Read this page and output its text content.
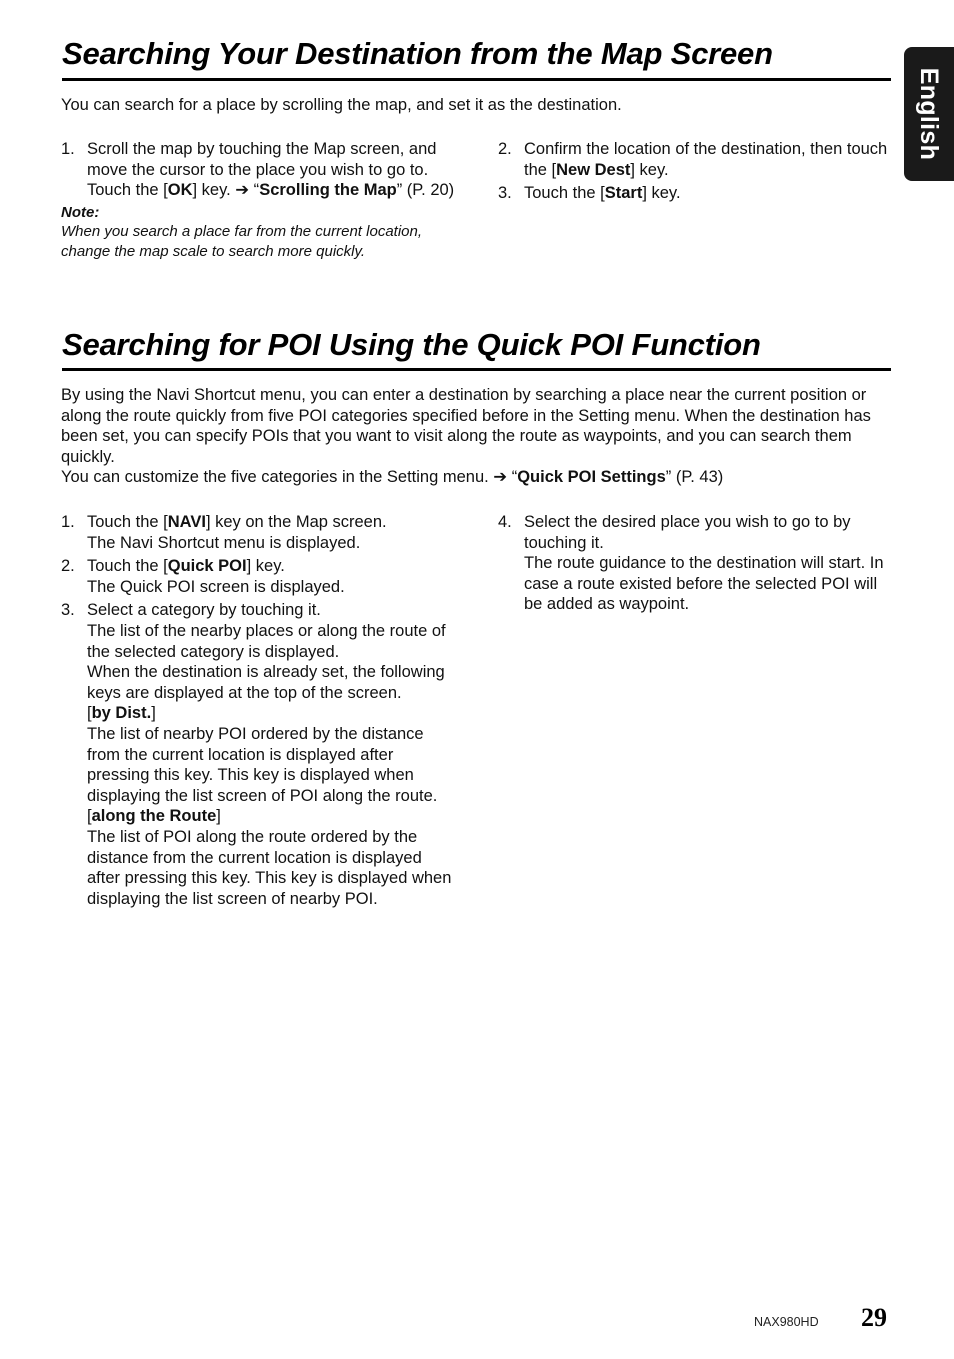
English
Searching Your Destination from the Map Screen

You can search for a place by scrolling the map, and set it as the destination.

1. Scroll the map by touching the Map screen, and move the cursor to the place you wish to go to. Touch the [OK] key. ➔ “Scrolling the Map” (P. 20)
Note:
When you search a place far from the current location, change the map scale to search more quickly.
2. Confirm the location of the destination, then touch the [New Dest] key.
3. Touch the [Start] key.
Searching for POI Using the Quick POI Function

By using the Navi Shortcut menu, you can enter a destination by searching a place near the current position or along the route quickly from five POI categories specified before in the Setting menu. When the destination has been set, you can specify POIs that you want to visit along the route as waypoints, and you can search them quickly.

You can customize the five categories in the Setting menu. ➔ “Quick POI Settings” (P. 43)

1. Touch the [NAVI] key on the Map screen.
The Navi Shortcut menu is displayed.
2. Touch the [Quick POI] key.
The Quick POI screen is displayed.
3. Select a category by touching it.
The list of the nearby places or along the route of the selected category is displayed.
When the destination is already set, the following keys are displayed at the top of the screen.
[by Dist.]
The list of nearby POI ordered by the distance from the current location is displayed after pressing this key. This key is displayed when displaying the list screen of POI along the route.
[along the Route]
The list of POI along the route ordered by the distance from the current location is displayed after pressing this key. This key is displayed when displaying the list screen of nearby POI.
4. Select the desired place you wish to go to by touching it.
The route guidance to the destination will start. In case a route existed before the selected POI will be added as waypoint.
NAX980HD 29
